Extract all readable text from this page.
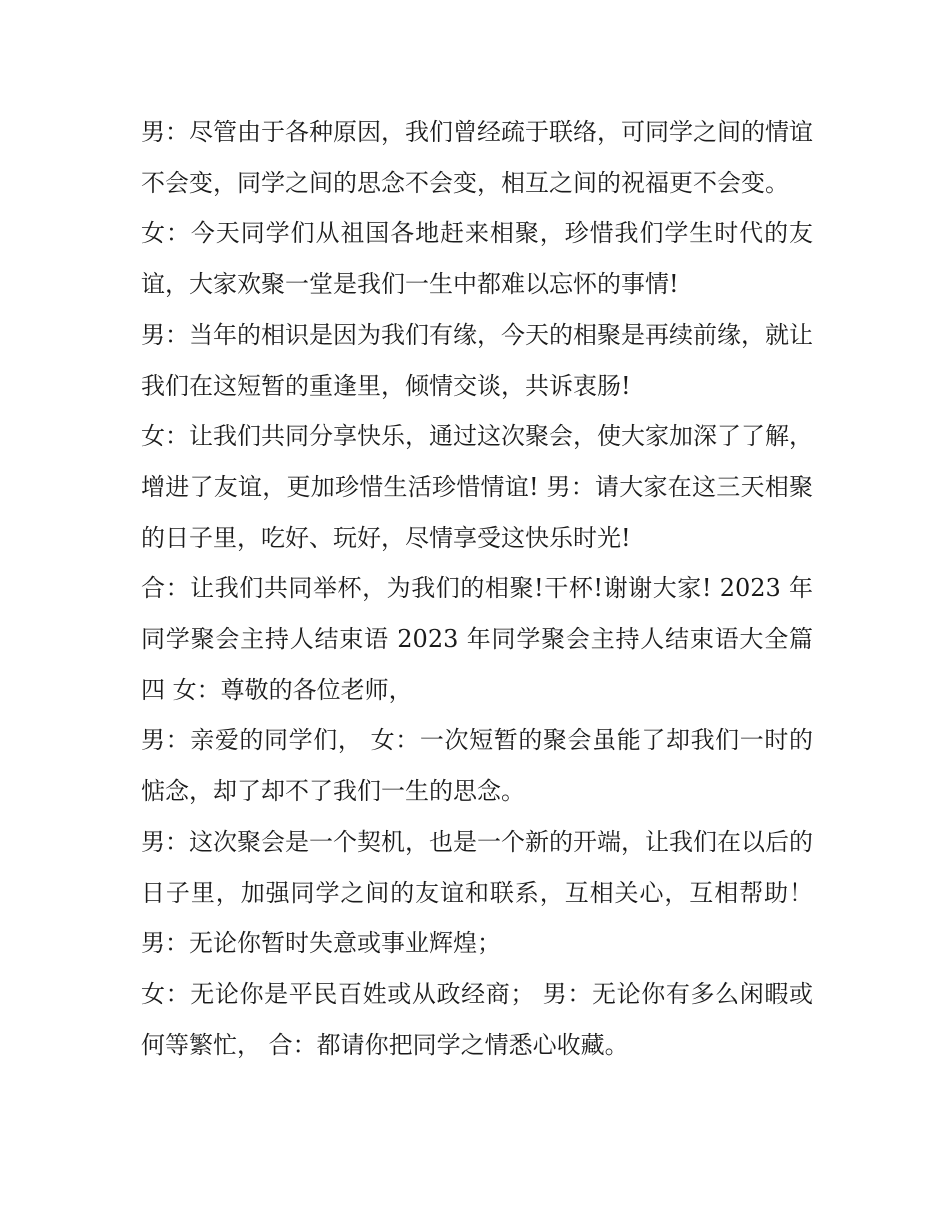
男：尽管由于各种原因，我们曾经疏于联络，可同学之间的情谊不会变，同学之间的思念不会变，相互之间的祝福更不会变。

女：今天同学们从祖国各地赶来相聚，珍惜我们学生时代的友谊，大家欢聚一堂是我们一生中都难以忘怀的事情!

男：当年的相识是因为我们有缘，今天的相聚是再续前缘，就让我们在这短暂的重逢里，倾情交谈，共诉衷肠!

女：让我们共同分享快乐，通过这次聚会，使大家加深了了解，增进了友谊，更加珍惜生活珍惜情谊! 男：请大家在这三天相聚的日子里，吃好、玩好，尽情享受这快乐时光!

合：让我们共同举杯，为我们的相聚!干杯!谢谢大家! 2023 年同学聚会主持人结束语 2023 年同学聚会主持人结束语大全篇四 女：尊敬的各位老师，

男：亲爱的同学们， 女：一次短暂的聚会虽能了却我们一时的惦念，却了却不了我们一生的思念。

男：这次聚会是一个契机，也是一个新的开端，让我们在以后的日子里，加强同学之间的友谊和联系，互相关心，互相帮助！ 男：无论你暂时失意或事业辉煌；

女：无论你是平民百姓或从政经商； 男：无论你有多么闲暇或何等繁忙， 合：都请你把同学之情悉心收藏。
